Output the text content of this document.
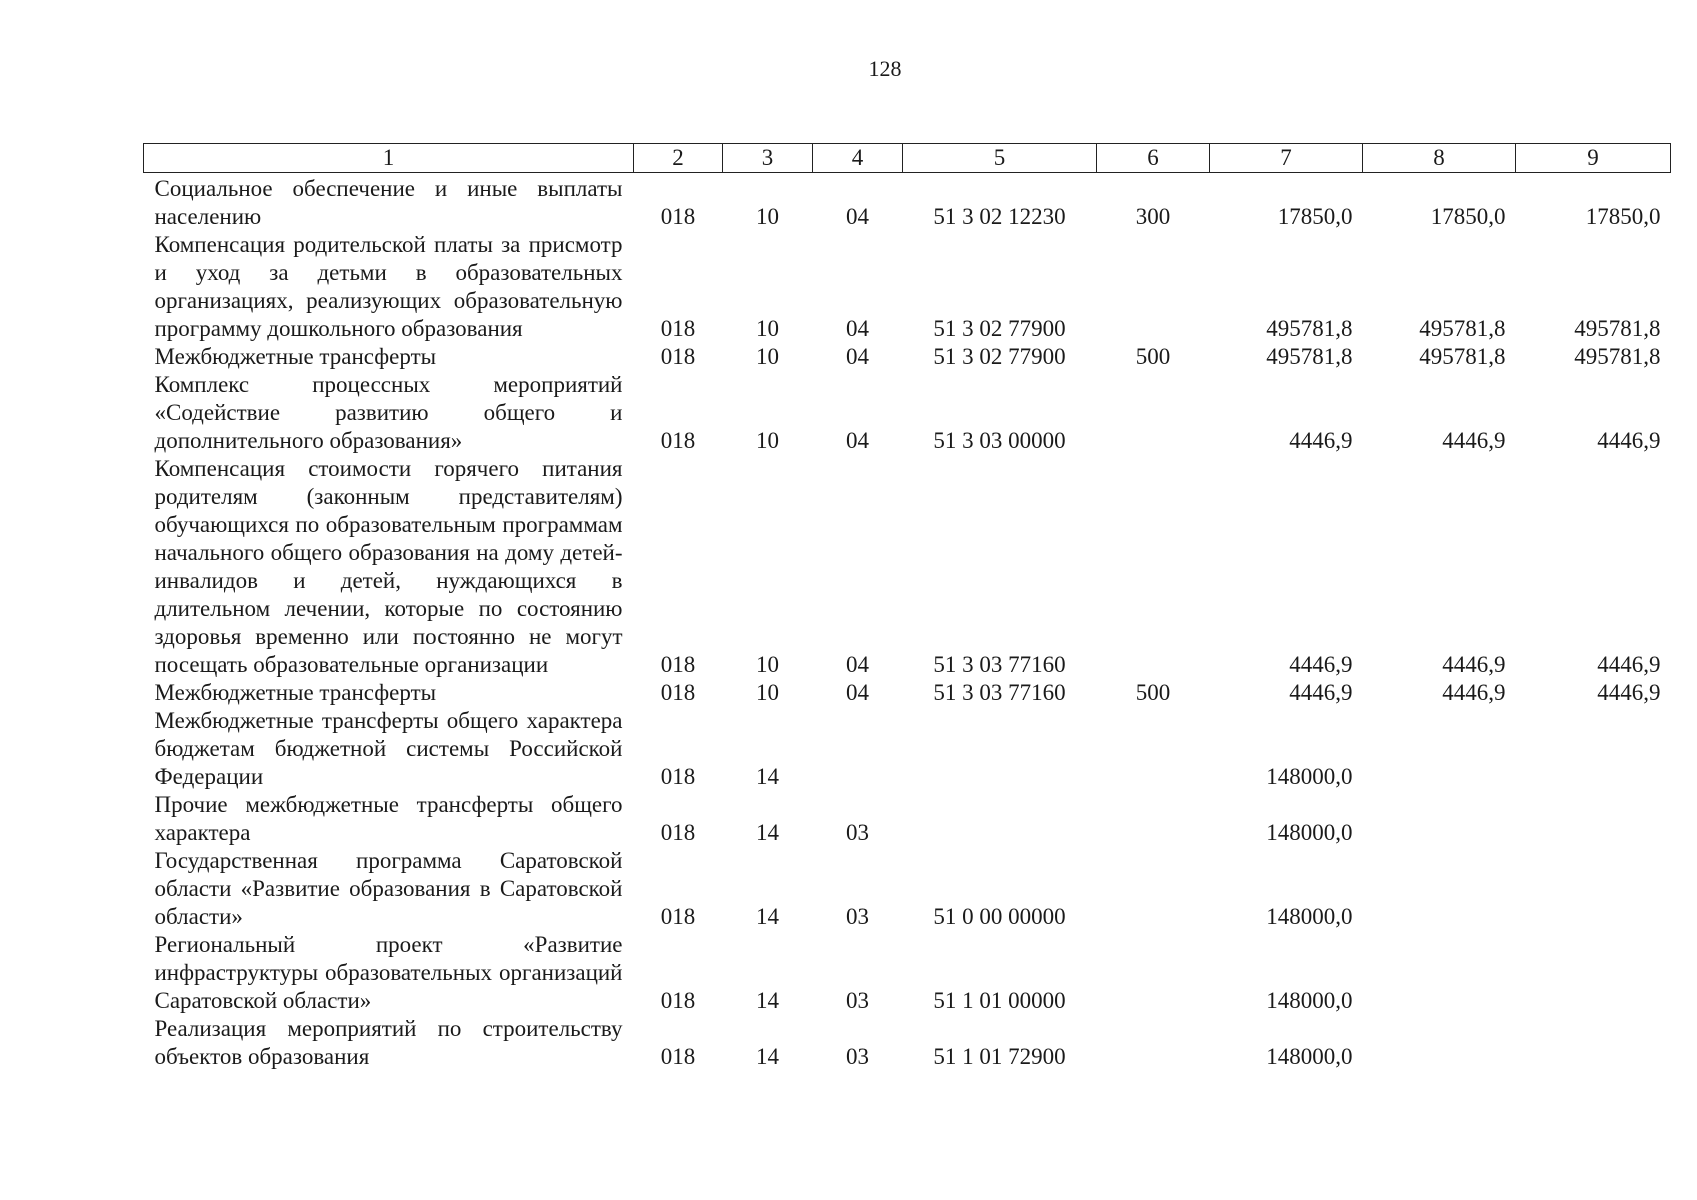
128
1	2	3	4	5	6	7	8	9

Социальное обеспечение и иные выплаты населению	018	10	04	51 3 02 12230	300	17850,0	17850,0	17850,0

Компенсация родительской платы за присмотр и уход за детьми в образовательных организациях, реализующих образовательную программу дошкольного образования	018	10	04	51 3 02 77900		495781,8	495781,8	495781,8

Межбюджетные трансферты	018	10	04	51 3 02 77900	500	495781,8	495781,8	495781,8

Комплекс процессных мероприятий «Содействие развитию общего и дополнительного образования»	018	10	04	51 3 03 00000		4446,9	4446,9	4446,9

Компенсация стоимости горячего питания родителям (законным представителям) обучающихся по образовательным программам начального общего образования на дому детей-инвалидов и детей, нуждающихся в длительном лечении, которые по состоянию здоровья временно или постоянно не могут посещать образовательные организации	018	10	04	51 3 03 77160		4446,9	4446,9	4446,9

Межбюджетные трансферты	018	10	04	51 3 03 77160	500	4446,9	4446,9	4446,9

Межбюджетные трансферты общего характера бюджетам бюджетной системы Российской Федерации	018	14				148000,0		

Прочие межбюджетные трансферты общего характера	018	14	03			148000,0		

Государственная программа Саратовской области «Развитие образования в Саратовской области»	018	14	03	51 0 00 00000		148000,0		

Региональный проект «Развитие инфраструктуры образовательных организаций Саратовской области»	018	14	03	51 1 01 00000		148000,0		

Реализация мероприятий по строительству объектов образования	018	14	03	51 1 01 72900		148000,0		
